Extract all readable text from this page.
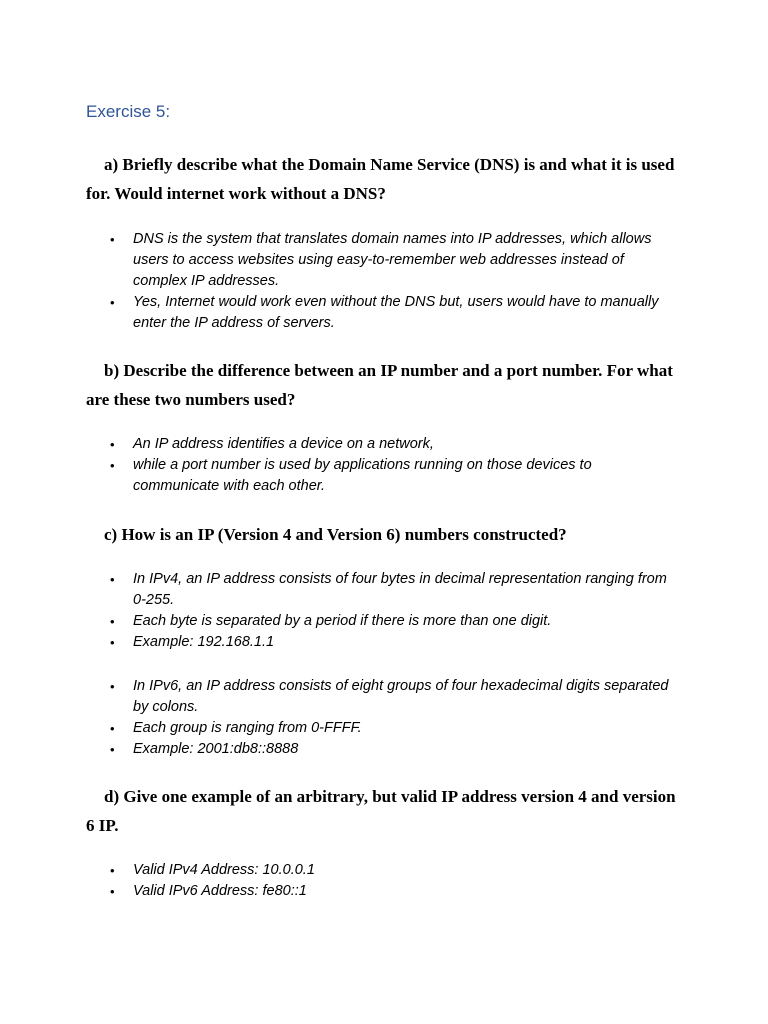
Exercise 5:

a) Briefly describe what the Domain Name Service (DNS) is and what it is used for. Would internet work without a DNS?

• DNS is the system that translates domain names into IP addresses, which allows users to access websites using easy-to-remember web addresses instead of complex IP addresses.
• Yes, Internet would work even without the DNS but, users would have to manually enter the IP address of servers.

b) Describe the difference between an IP number and a port number. For what are these two numbers used?

• An IP address identifies a device on a network,
• while a port number is used by applications running on those devices to communicate with each other.

c) How is an IP (Version 4 and Version 6) numbers constructed?

• In IPv4, an IP address consists of four bytes in decimal representation ranging from 0-255.
• Each byte is separated by a period if there is more than one digit.
• Example: 192.168.1.1
• In IPv6, an IP address consists of eight groups of four hexadecimal digits separated by colons.
• Each group is ranging from 0-FFFF.
• Example: 2001:db8::8888

d) Give one example of an arbitrary, but valid IP address version 4 and version 6 IP.

• Valid IPv4 Address: 10.0.0.1
• Valid IPv6 Address: fe80::1
